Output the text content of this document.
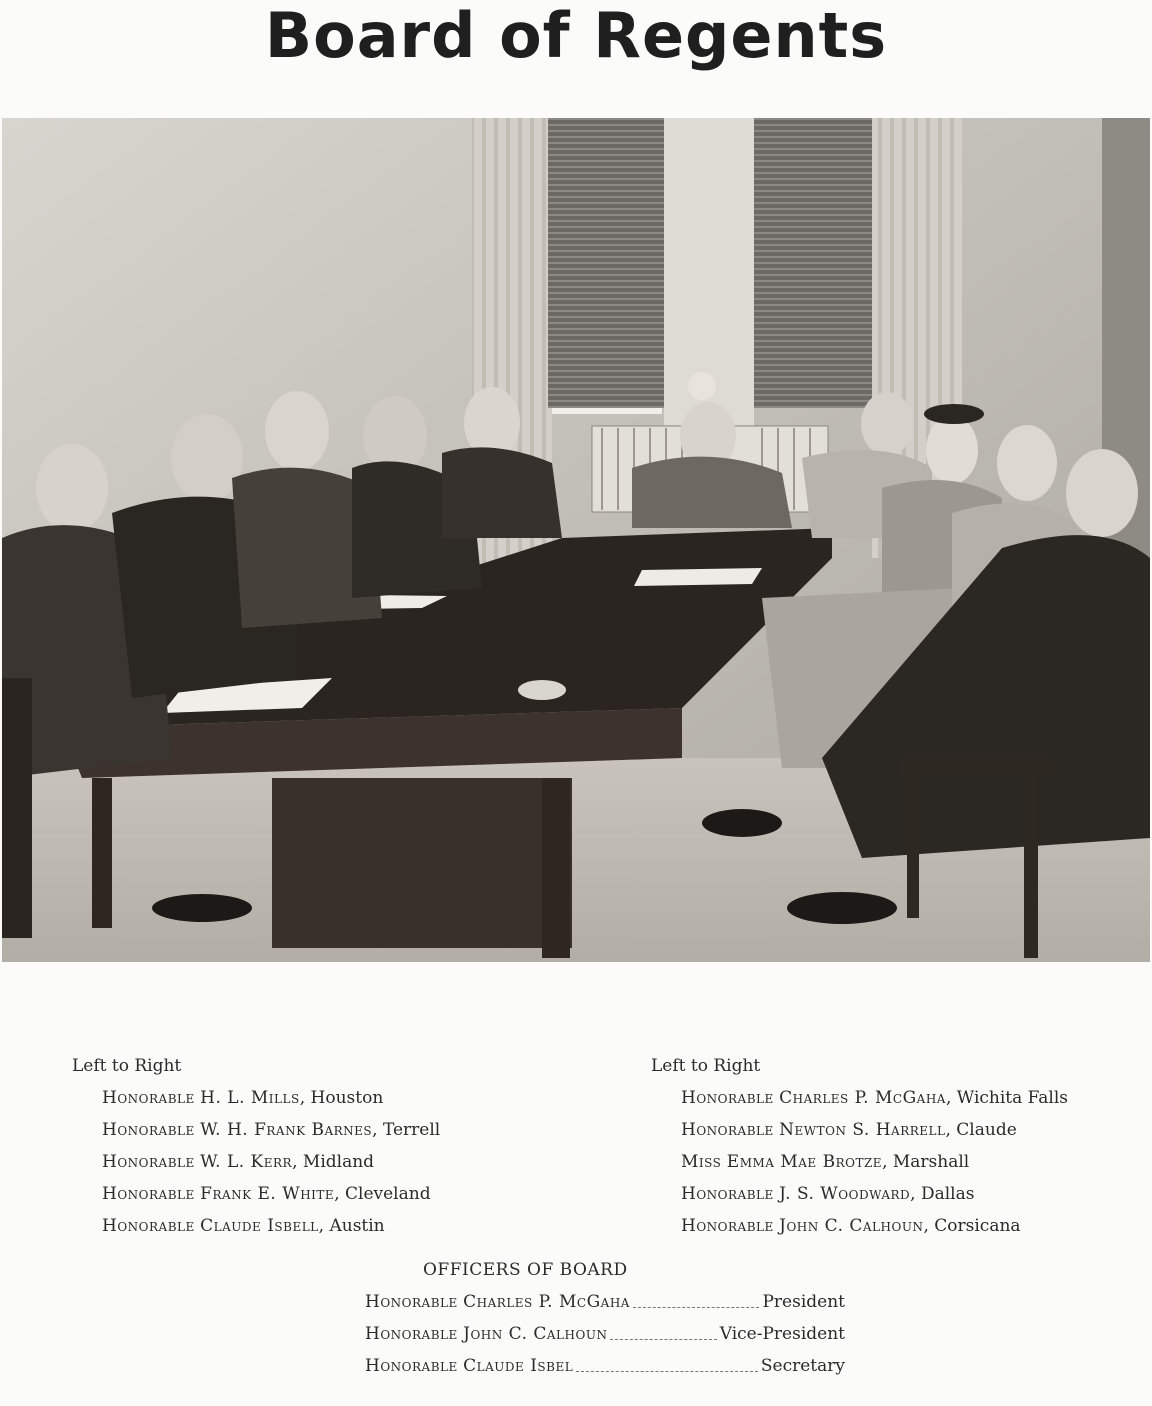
Board of Regents
Left to Right
Honorable H. L. Mills, Houston
Honorable W. H. Frank Barnes, Terrell
Honorable W. L. Kerr, Midland
Honorable Frank E. White, Cleveland
Honorable Claude Isbell, Austin
Left to Right
Honorable Charles P. McGaha, Wichita Falls
Honorable Newton S. Harrell, Claude
Miss Emma Mae Brotze, Marshall
Honorable J. S. Woodward, Dallas
Honorable John C. Calhoun, Corsicana
OFFICERS OF BOARD
Honorable Charles P. McGaha	President
Honorable John C. Calhoun	Vice-President
Honorable Claude Isbel	Secretary
